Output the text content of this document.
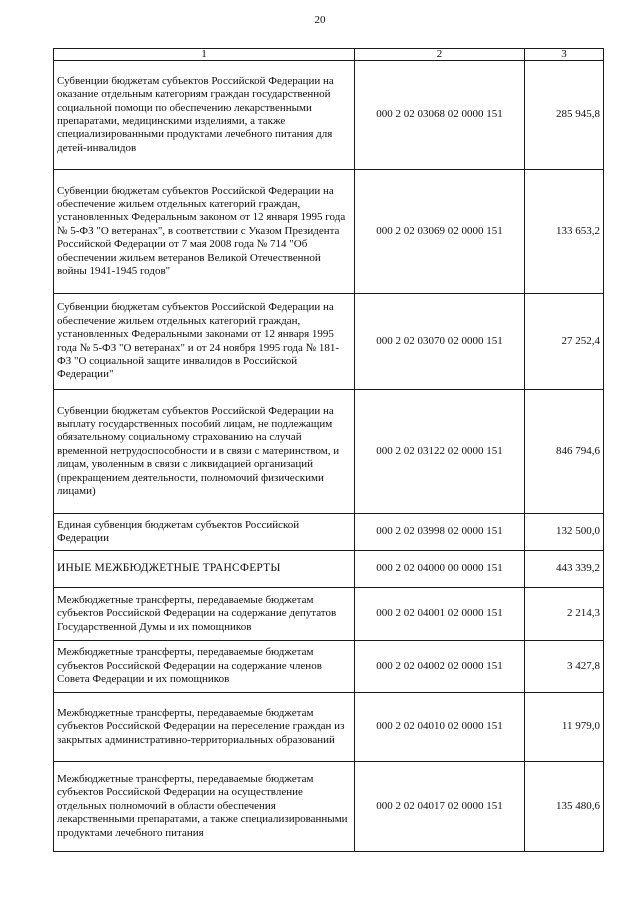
20
1	2	3
Субвенции бюджетам субъектов Российской Федерации на оказание отдельным категориям граждан государственной социальной помощи по обеспечению лекарственными препаратами, медицинскими изделиями, а также специализированными продуктами лечебного питания для детей-инвалидов	000 2 02 03068 02 0000 151	285 945,8
Субвенции бюджетам субъектов Российской Федерации на обеспечение жильем отдельных категорий граждан, установленных Федеральным законом от 12 января 1995 года № 5-ФЗ "О ветеранах", в соответствии с Указом Президента Российской Федерации от 7 мая 2008 года № 714 "Об обеспечении жильем ветеранов Великой Отечественной войны 1941-1945 годов"	000 2 02 03069 02 0000 151	133 653,2
Субвенции бюджетам субъектов Российской Федерации на обеспечение жильем отдельных категорий граждан, установленных Федеральными законами от 12 января 1995 года № 5-ФЗ "О ветеранах" и от 24 ноября 1995 года № 181-ФЗ "О социальной защите инвалидов в Российской Федерации"	000 2 02 03070 02 0000 151	27 252,4
Субвенции бюджетам субъектов Российской Федерации на выплату государственных пособий лицам, не подлежащим обязательному социальному страхованию на случай временной нетрудоспособности и в связи с материнством, и лицам, уволенным в связи с ликвидацией организаций (прекращением деятельности, полномочий физическими лицами)	000 2 02 03122 02 0000 151	846 794,6
Единая субвенция бюджетам субъектов Российской Федерации	000 2 02 03998 02 0000 151	132 500,0
ИНЫЕ МЕЖБЮДЖЕТНЫЕ ТРАНСФЕРТЫ	000 2 02 04000 00 0000 151	443 339,2
Межбюджетные трансферты, передаваемые бюджетам субъектов Российской Федерации на содержание депутатов Государственной Думы и их помощников	000 2 02 04001 02 0000 151	2 214,3
Межбюджетные трансферты, передаваемые бюджетам субъектов Российской Федерации на содержание членов Совета Федерации и их помощников	000 2 02 04002 02 0000 151	3 427,8
Межбюджетные трансферты, передаваемые бюджетам субъектов Российской Федерации на переселение граждан из закрытых административно-территориальных образований	000 2 02 04010 02 0000 151	11 979,0
Межбюджетные трансферты, передаваемые бюджетам субъектов Российской Федерации на осуществление отдельных полномочий в области обеспечения лекарственными препаратами, а также специализированными продуктами лечебного питания	000 2 02 04017 02 0000 151	135 480,6
